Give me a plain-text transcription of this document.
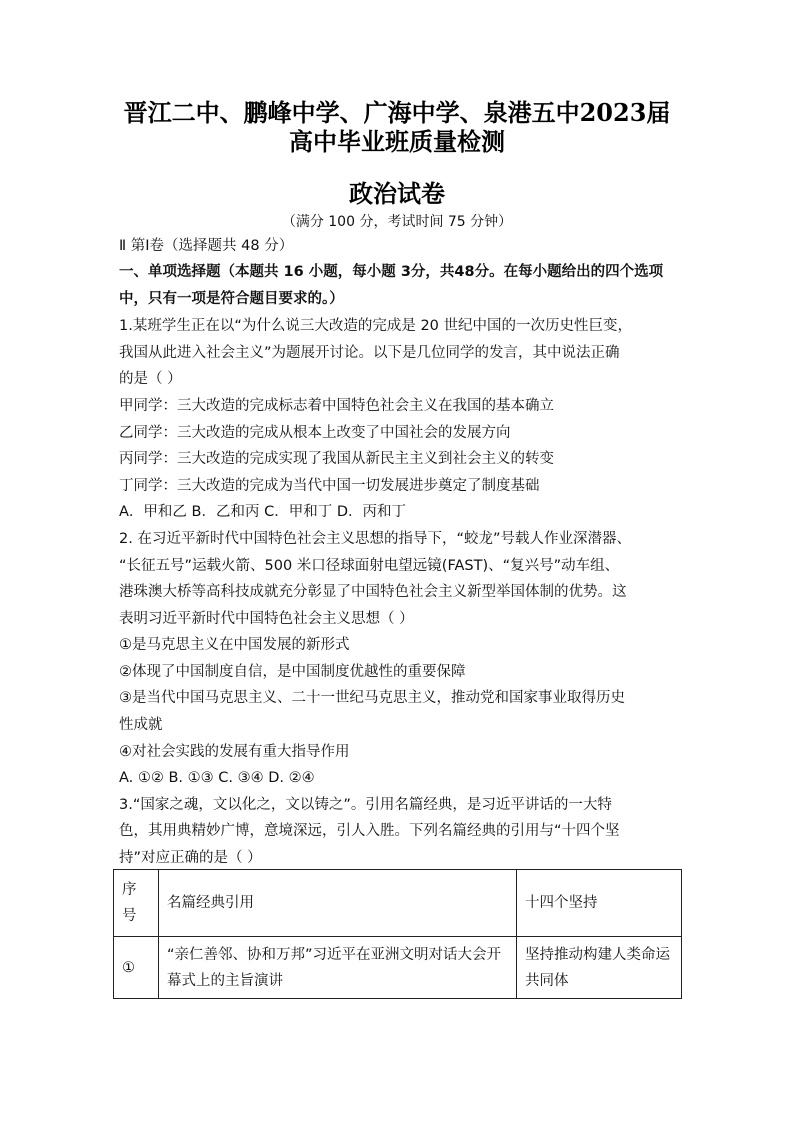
晋江二中、鹏峰中学、广海中学、泉港五中2023届
高中毕业班质量检测
政治试卷
（满分 100 分，考试时间 75 分钟）
Ⅱ 第Ⅰ卷（选择题共 48 分）
一、单项选择题（本题共 16 小题，每小题 3分，共48分。在每小题给出的四个选项
中，只有一项是符合题目要求的。）
1.某班学生正在以“为什么说三大改造的完成是 20 世纪中国的一次历史性巨变，
我国从此进入社会主义”为题展开讨论。以下是几位同学的发言，其中说法正确
的是（ ）
甲同学：三大改造的完成标志着中国特色社会主义在我国的基本确立
乙同学：三大改造的完成从根本上改变了中国社会的发展方向
丙同学：三大改造的完成实现了我国从新民主主义到社会主义的转变
丁同学：三大改造的完成为当代中国一切发展进步奠定了制度基础
A．甲和乙 B．乙和丙 C．甲和丁 D．丙和丁
2. 在习近平新时代中国特色社会主义思想的指导下，“蛟龙”号载人作业深潜器、
“长征五号”运载火箭、500 米口径球面射电望远镜(FAST)、“复兴号”动车组、
港珠澳大桥等高科技成就充分彰显了中国特色社会主义新型举国体制的优势。这
表明习近平新时代中国特色社会主义思想（ ）
①是马克思主义在中国发展的新形式
②体现了中国制度自信，是中国制度优越性的重要保障
③是当代中国马克思主义、二十一世纪马克思主义，推动党和国家事业取得历史
性成就
④对社会实践的发展有重大指导作用
A. ①② B. ①③ C. ③④ D. ②④
3.“国家之魂，文以化之，文以铸之”。引用名篇经典，是习近平讲话的一大特
色，其用典精妙广博，意境深远，引人入胜。下列名篇经典的引用与“十四个坚
持”对应正确的是（ ）
序号	名篇经典引用	十四个坚持
①	“亲仁善邻、协和万邦”习近平在亚洲文明对话大会开幕式上的主旨演讲	坚持推动构建人类命运共同体
